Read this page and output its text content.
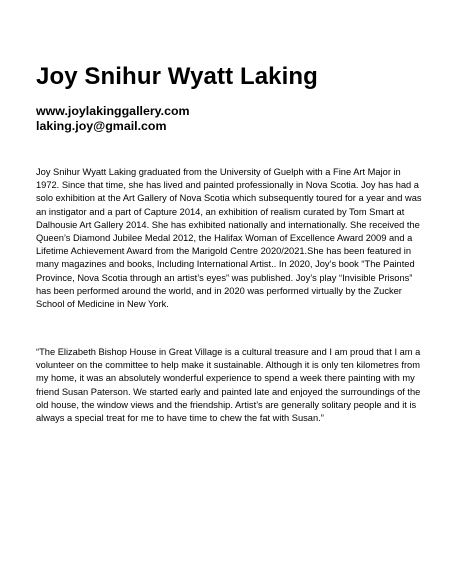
Joy Snihur Wyatt Laking
www.joylakinggallery.com
laking.joy@gmail.com

Joy Snihur Wyatt Laking graduated from the University of Guelph with a Fine Art Major in 1972. Since that time, she has lived and painted professionally in Nova Scotia. Joy has had a solo exhibition at the Art Gallery of Nova Scotia which subsequently toured for a year and was an instigator and a part of Capture 2014, an exhibition of realism curated by Tom Smart at Dalhousie Art Gallery 2014. She has exhibited nationally and internationally. She received the Queen’s Diamond Jubilee Medal 2012, the Halifax Woman of Excellence Award 2009 and a Lifetime Achievement Award from the Marigold Centre 2020/2021.She has been featured in many magazines and books, Including International Artist.. In 2020, Joy’s book “The Painted Province, Nova Scotia through an artist’s eyes” was published. Joy’s play “Invisible Prisons” has been performed around the world, and in 2020 was performed virtually by the Zucker School of Medicine in New York.

“The Elizabeth Bishop House in Great Village is a cultural treasure and I am proud that I am a volunteer on the committee to help make it sustainable. Although it is only ten kilometres from my home, it was an absolutely wonderful experience to spend a week there painting with my friend Susan Paterson. We started early and painted late and enjoyed the surroundings of the old house, the window views and the friendship. Artist’s are generally solitary people and it is always a special treat for me to have time to chew the fat with Susan.”
